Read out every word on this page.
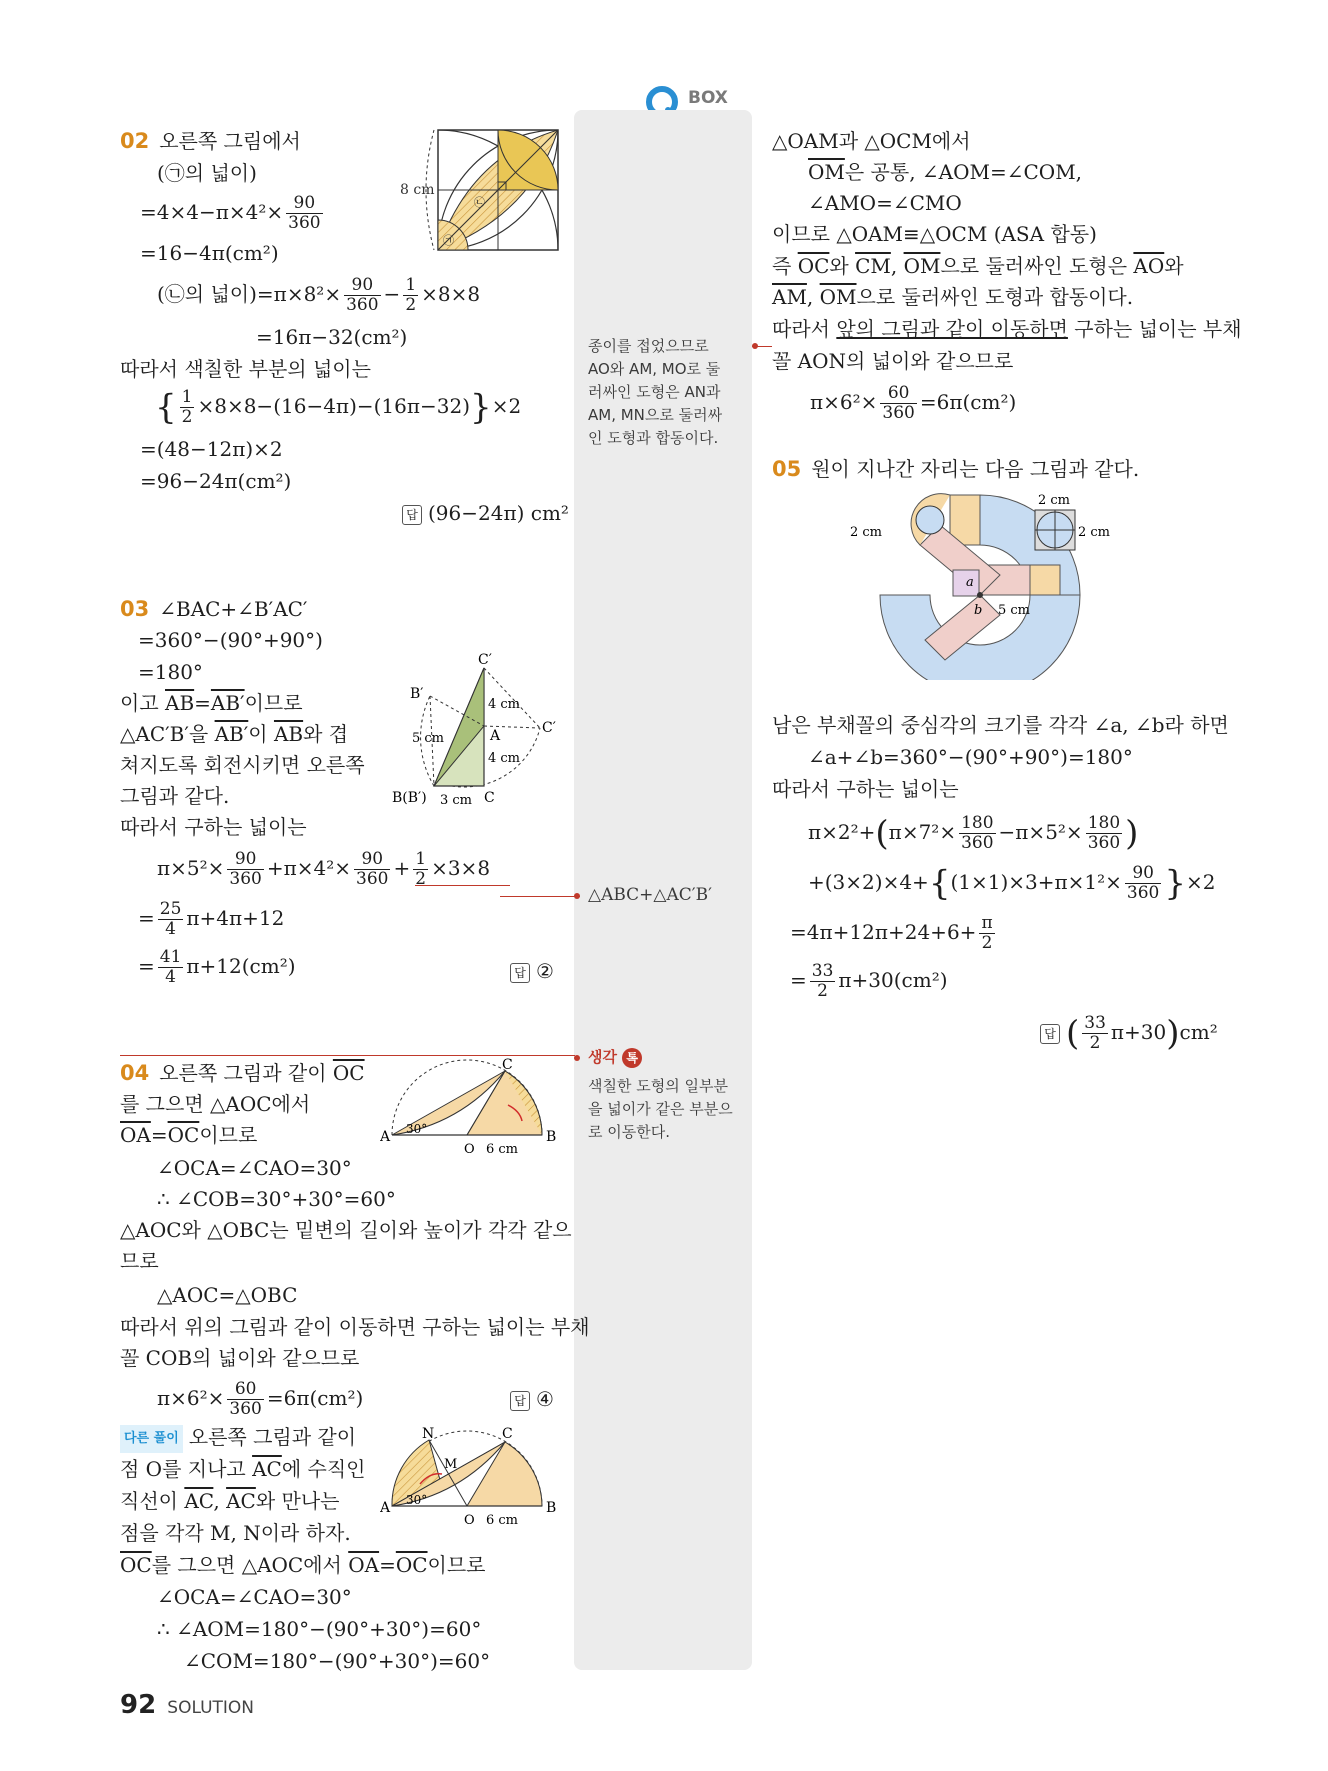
BOX
02 오른쪽 그림에서
(㉠의 넓이)
$=4\times 4-\pi\times 4^2\times \frac{90}{360}$
=16−4π(cm²)
(㉡의 넓이)$=\pi\times 8^2\times \frac{90}{360} - \frac{1}{2} \times 8\times 8$
=16π−32(cm²)
따라서 색칠한 부분의 넓이는
{ $\frac{1}{2} \times 8\times 8-(16-4\pi)-(16\pi-32)\}\times 2$
=(48−12π)×2
=96−24π(cm²)
답 (96−24π) cm²
8 cm
㉡
㉠
03 ∠BAC+∠B′AC′
=360°−(90°+90°)
=180°
이고 $\overline{AB}=AB'$이므로
△AC′B′을 AB′이 $\overline{AB}$와 겹
쳐지도록 회전시키면 오른쪽
그림과 같다.
따라서 구하는 넓이는
$\pi\times 5^2\times \frac{90}{360} +\pi\times 4^2\times \frac{90}{360} + \frac{1}{2} \times 3\times 8$
= $\frac{25}{4} \pi+4\pi+12$
= $\frac{41}{4} \pi+12(cm^2)$	답 ②
C′
B′
4 cm
C′
5 cm	A
4 cm
B(B′) 3 cm C
04 오른쪽 그림과 같이 $\overline{OC}$
를 그으면 △AOC에서
$\overline{OA}=\overline{OC}$이므로
∠OCA=∠CAO=30°
∴ ∠COB=30°+30°=60°
△AOC와 △OBC는 밑변의 길이와 높이가 각각 같으
므로
△AOC=△OBC
따라서 위의 그림과 같이 이동하면 구하는 넓이는 부채
꼴 COB의 넓이와 같으므로
$\pi\times 6^2\times \frac{60}{360} =6\pi(cm^2)$	답 ④
다른 풀이 오른쪽 그림과 같이
점 O를 지나고 $\overline{AC}$에 수직인
직선이 $\overline{AC}$, $\overline{AC}$와 만나는
점을 각각 M, N이라 하자.
$\overline{OC}$를 그으면 △AOC에서 $\overline{OA}=\overline{OC}$이므로
∠OCA=∠CAO=30°
∴ ∠AOM=180°−(90°+30°)=60°
∠COM=180°−(90°+30°)=60°
C
A 30°	B
O 6 cm
N	C
M
A 30°	B
O 6 cm
종이를 접었으므로
AO와 AM, MO로 둘
러싸인 도형은 AN과
AM, MN으로 둘러싸
인 도형과 합동이다.
△ABC+△AC′B′
생각 톡
색칠한 도형의 일부분
을 넓이가 같은 부분으
로 이동한다.
△OAM과 △OCM에서
$\overline{OM}$은 공통, ∠AOM=∠COM,
∠AMO=∠CMO
이므로 △OAM≡△OCM (ASA 합동)
즉 $\overline{OC}$와 $\overline{CM}$, $\overline{OM}$으로 둘러싸인 도형은 $\overline{AO}$와
$\overline{AM}$, $\overline{OM}$으로 둘러싸인 도형과 합동이다.
따라서 앞의 그림과 같이 이동하면 구하는 넓이는 부채
꼴 AON의 넓이와 같으므로
$\pi\times 6^2\times \frac{60}{360} =6\pi(cm^2)$
05 원이 지나간 자리는 다음 그림과 같다.
2 cm
2 cm
2 cm
a
b 5 cm
남은 부채꼴의 중심각의 크기를 각각 ∠a, ∠b라 하면
∠a+∠b=360°−(90°+90°)=180°
따라서 구하는 넓이는
$\pi\times 2^2+(\pi\times 7^2\times \frac{180}{360} -\pi\times 5^2\times \frac{180}{360}$ )
$+(3\times 2)\times 4+\{(1\times 1)\times 3+\pi\times 1^2\times \frac{90}{360} \}\times 2$
$=4\pi+12\pi+24+6+ \frac{\pi}{2}$
= $\frac{33}{2} \pi+30(cm^2)$
답 ( $\frac{33}{2} \pi+30)cm^2$
92 SOLUTION
